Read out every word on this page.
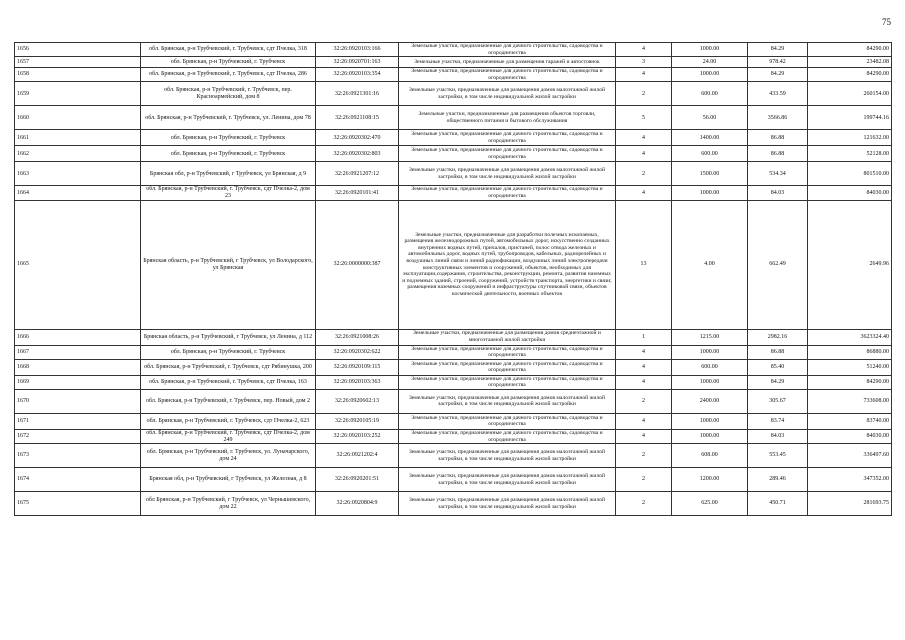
75
1656	обл. Брянская, р-н Трубчевский, г. Трубчевск, сдт Пчелка, 318	32:26:0920103:166	Земельные участки, предназначенные для дачного строительства, садоводства и огородничества	4	1000.00	84.29	84290.00
1657	обл. Брянская, р-н Трубчевский, г. Трубчевск	32:26:0920701:163	Земельные участки, предназначенные для размещения гаражей и автостоянок	3	24.00	978.42	23482.08
1658	обл. Брянская, р-н Трубчевский, г. Трубчевск, сдт Пчелка, 286	32:26:0920103:354	Земельные участки, предназначенные для дачного строительства, садоводства и огородничества	4	1000.00	84.29	84290.00
1659	обл. Брянская, р-н Трубчевский, г. Трубчевск, пер. Красноармейский, дом 8	32:26:0921301:16	Земельные участки, предназначенные для размещения домов малоэтажной жилой застройки, в том числе индивидуальной жилой застройки	2	600.00	433.59	260154.00
1660	обл. Брянская, р-н Трубчевский, г. Трубчевск, ул. Ленина, дом 78	32:26:0921108:15	Земельные участки, предназначенные для размещения объектов торговли, общественного питания и бытового обслуживания	5	56.00	3566.86	199744.16
1661	обл. Брянская, р-н Трубчевский, г. Трубчевск	32:26:0920302:470	Земельные участки, предназначенные для дачного строительства, садоводства и огородничества	4	1400.00	86.88	121632.00
1662	обл. Брянская, р-н Трубчевский, г. Трубчевск	32:26:0920302:803	Земельные участки, предназначенные для дачного строительства, садоводства и огородничества	4	600.00	86.88	52128.00
1663	Брянская обл, р-н Трубчевский, г Трубчевск, ул Брянская, д 9	32:26:0921207:12	Земельные участки, предназначенные для размещения домов малоэтажной жилой застройки, в том числе индивидуальной жилой застройки	2	1500.00	534.34	801510.00
1664	обл. Брянская, р-н Трубчевский, г. Трубчевск, сдт Пчелка-2, дом 23	32:26:0920101:41	Земельные участки, предназначенные для дачного строительства, садоводства и огородничества	4	1000.00	84.03	84030.00
1665	Брянская область, р-н Трубчевский, г Трубчевск, ул Володарского, ул Брянская	32:26:0000000:387	Земельные участки, предназначенные для разработки полезных ископаемых, размещения железнодорожных путей, автомобильных дорог, искусственно созданных внутренних водных путей, причалов, пристаней, полос отвода железных и автомобильных дорог, водных путей, трубопроводов, кабельных, радиорелейных и воздушных линий связи и линий радиофикации, воздушных линий электропередачи конструктивных элементов и сооружений, объектов, необходимых для эксплуатации,содержания, строительства, реконструкции, ремонта, развития наземных и подземных зданий, строений, сооружений, устройств транспорта, энергетики и связи; размещения наземных сооружений и инфраструктуры спутниковой связи, объектов космической деятельности, военных объектов	13	4.00	662.49	2649.96
1666	Брянская область, р-н Трубчевский, г Трубчевск, ул Ленина, д 112	32:26:0921008:26	Земельные участки, предназначенные для размещения домов среднеэтажной и многоэтажной жилой застройки	1	1215.00	2982.16	3623324.40
1667	обл. Брянская, р-н Трубчевский, г. Трубчевск	32:26:0920302:622	Земельные участки, предназначенные для дачного строительства, садоводства и огородничества	4	1000.00	86.88	86880.00
1668	обл. Брянская, р-н Трубчевский, г. Трубчевск, сдт Рябинушка, 200	32:26:0920109:115	Земельные участки, предназначенные для дачного строительства, садоводства и огородничества	4	600.00	85.40	51240.00
1669	обл. Брянская, р-н Трубчевский, г. Трубчевск, сдт Пчелка, 163	32:26:0920103:363	Земельные участки, предназначенные для дачного строительства, садоводства и огородничества	4	1000.00	84.29	84290.00
1670	обл. Брянская, р-н Трубчевский, г. Трубчевск, пер. Новый, дом 2	32:26:0920602:13	Земельные участки, предназначенные для размещения домов малоэтажной жилой застройки, в том числе индивидуальной жилой застройки	2	2400.00	305.67	733608.00
1671	обл. Брянская, р-н Трубчевский, г. Трубчевск, сдт Пчелка-2, 623	32:26:0920105:19	Земельные участки, предназначенные для дачного строительства, садоводства и огородничества	4	1000.00	83.74	83740.00
1672	обл. Брянская, р-н Трубчевский, г. Трубчевск, сдт Пчелка-2, дом 249	32:26:0920103:252	Земельные участки, предназначенные для дачного строительства, садоводства и огородничества	4	1000.00	84.03	84030.00
1673	обл. Брянская, р-н Трубчевский, г. Трубчевск, ул. Луначарского, дом 24	32:26:0921202:4	Земельные участки, предназначенные для размещения домов малоэтажной жилой застройки, в том числе индивидуальной жилой застройки	2	608.00	553.45	336497.60
1674	Брянская обл, р-н Трубчевский, г Трубчевск, ул Железная, д 8	32:26:0920201:51	Земельные участки, предназначенные для размещения домов малоэтажной жилой застройки, в том числе индивидуальной жилой застройки	2	1200.00	289.46	347352.00
1675	обл Брянская, р-н Трубчевский, г Трубчевск, ул Чернышевского, дом 22	32:26:0920804:9	Земельные участки, предназначенные для размещения домов малоэтажной жилой застройки, в том числе индивидуальной жилой застройки	2	625.00	450.71	281693.75
